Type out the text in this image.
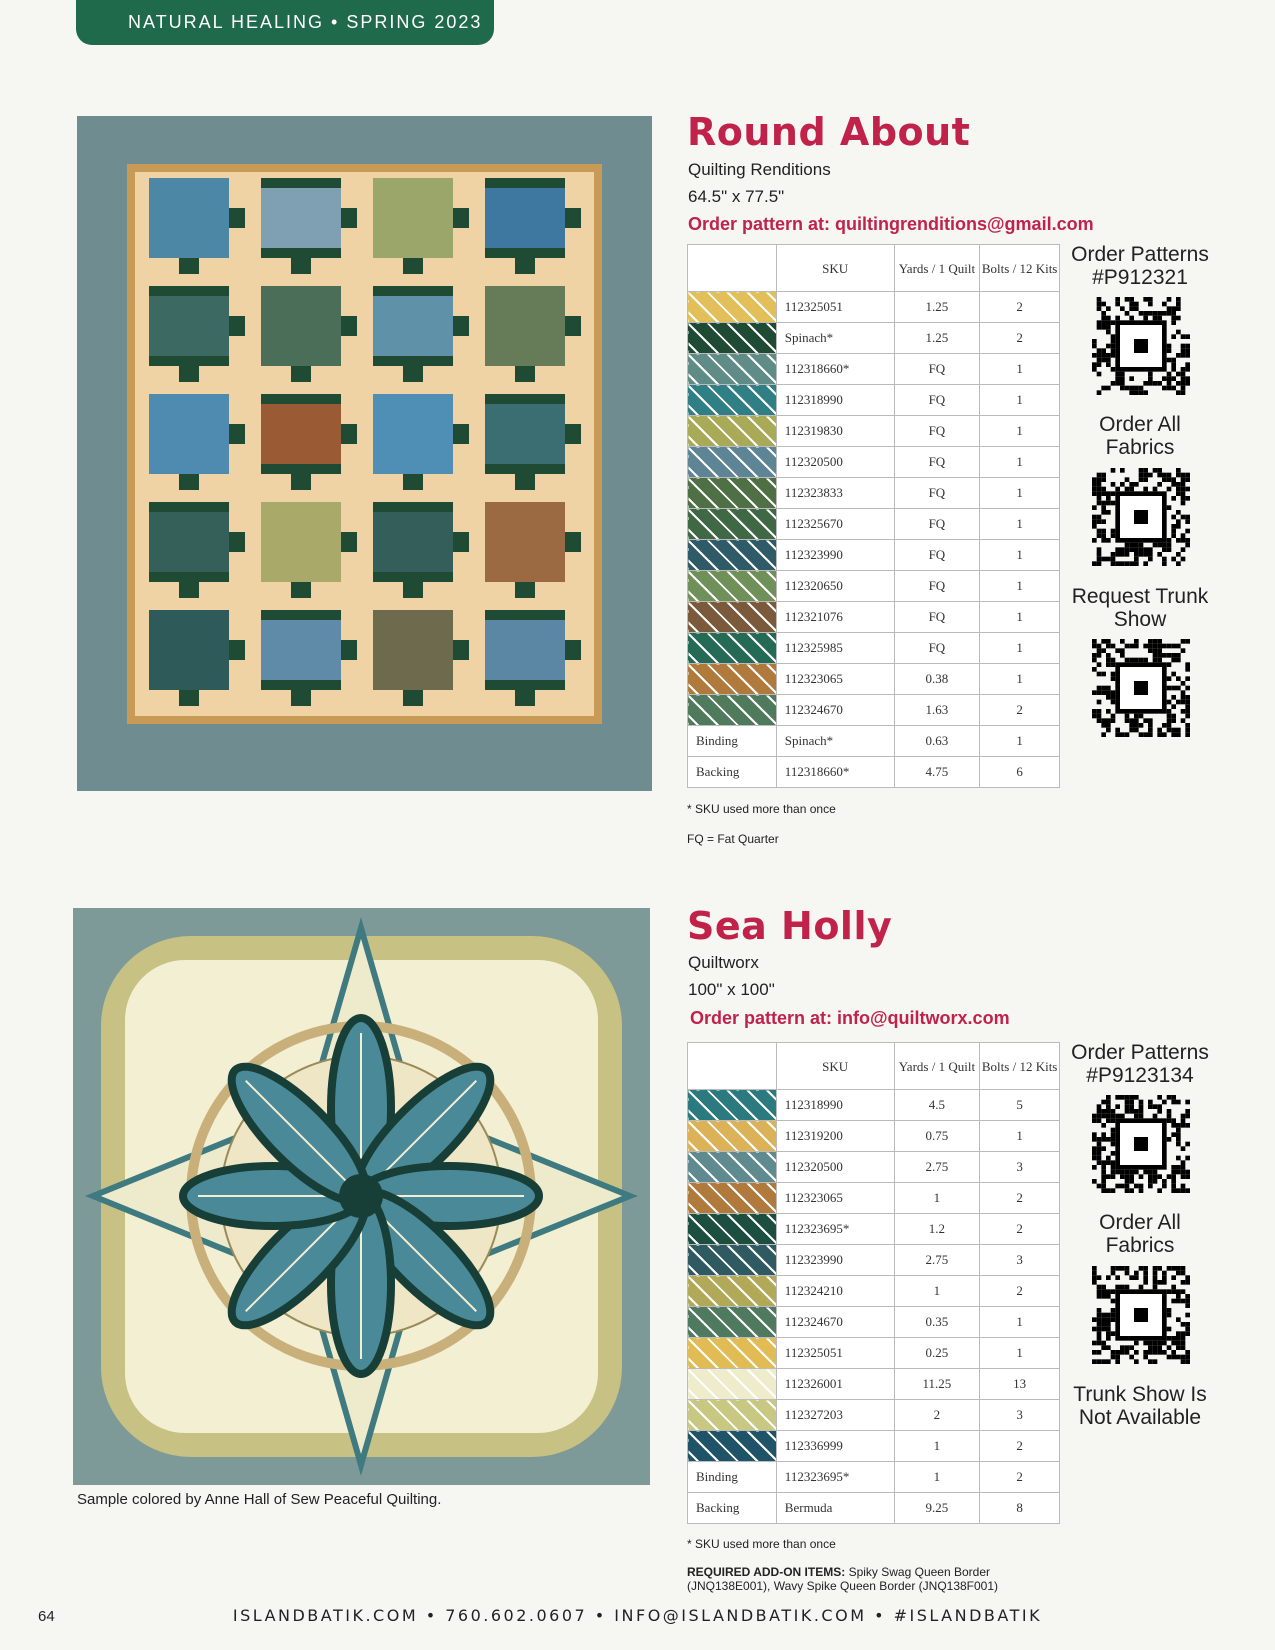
NATURAL HEALING • SPRING 2023
Round About
Quilting Renditions
64.5" x 77.5"
Order pattern at: quiltingrenditions@gmail.com
	SKU	Yards / 1 Quilt	Bolts / 12 Kits
	112325051	1.25	2
	Spinach*	1.25	2
	112318660*	FQ	1
	112318990	FQ	1
	112319830	FQ	1
	112320500	FQ	1
	112323833	FQ	1
	112325670	FQ	1
	112323990	FQ	1
	112320650	FQ	1
	112321076	FQ	1
	112325985	FQ	1
	112323065	0.38	1
	112324670	1.63	2
Binding	Spinach*	0.63	1
Backing	112318660*	4.75	6
* SKU used more than once
FQ = Fat Quarter
Order Patterns #P912321
Order All Fabrics
Request Trunk Show
Sample colored by Anne Hall of Sew Peaceful Quilting.
Sea Holly
Quiltworx
100" x 100"
Order pattern at: info@quiltworx.com
	SKU	Yards / 1 Quilt	Bolts / 12 Kits
	112318990	4.5	5
	112319200	0.75	1
	112320500	2.75	3
	112323065	1	2
	112323695*	1.2	2
	112323990	2.75	3
	112324210	1	2
	112324670	0.35	1
	112325051	0.25	1
	112326001	11.25	13
	112327203	2	3
	112336999	1	2
Binding	112323695*	1	2
Backing	Bermuda	9.25	8
* SKU used more than once
REQUIRED ADD-ON ITEMS: Spiky Swag Queen Border (JNQ138E001), Wavy Spike Queen Border (JNQ138F001)
Order Patterns #P9123134
Order All Fabrics
Trunk Show Is Not Available
64	ISLANDBATIK.COM • 760.602.0607 • INFO@ISLANDBATIK.COM • #ISLANDBATIK
